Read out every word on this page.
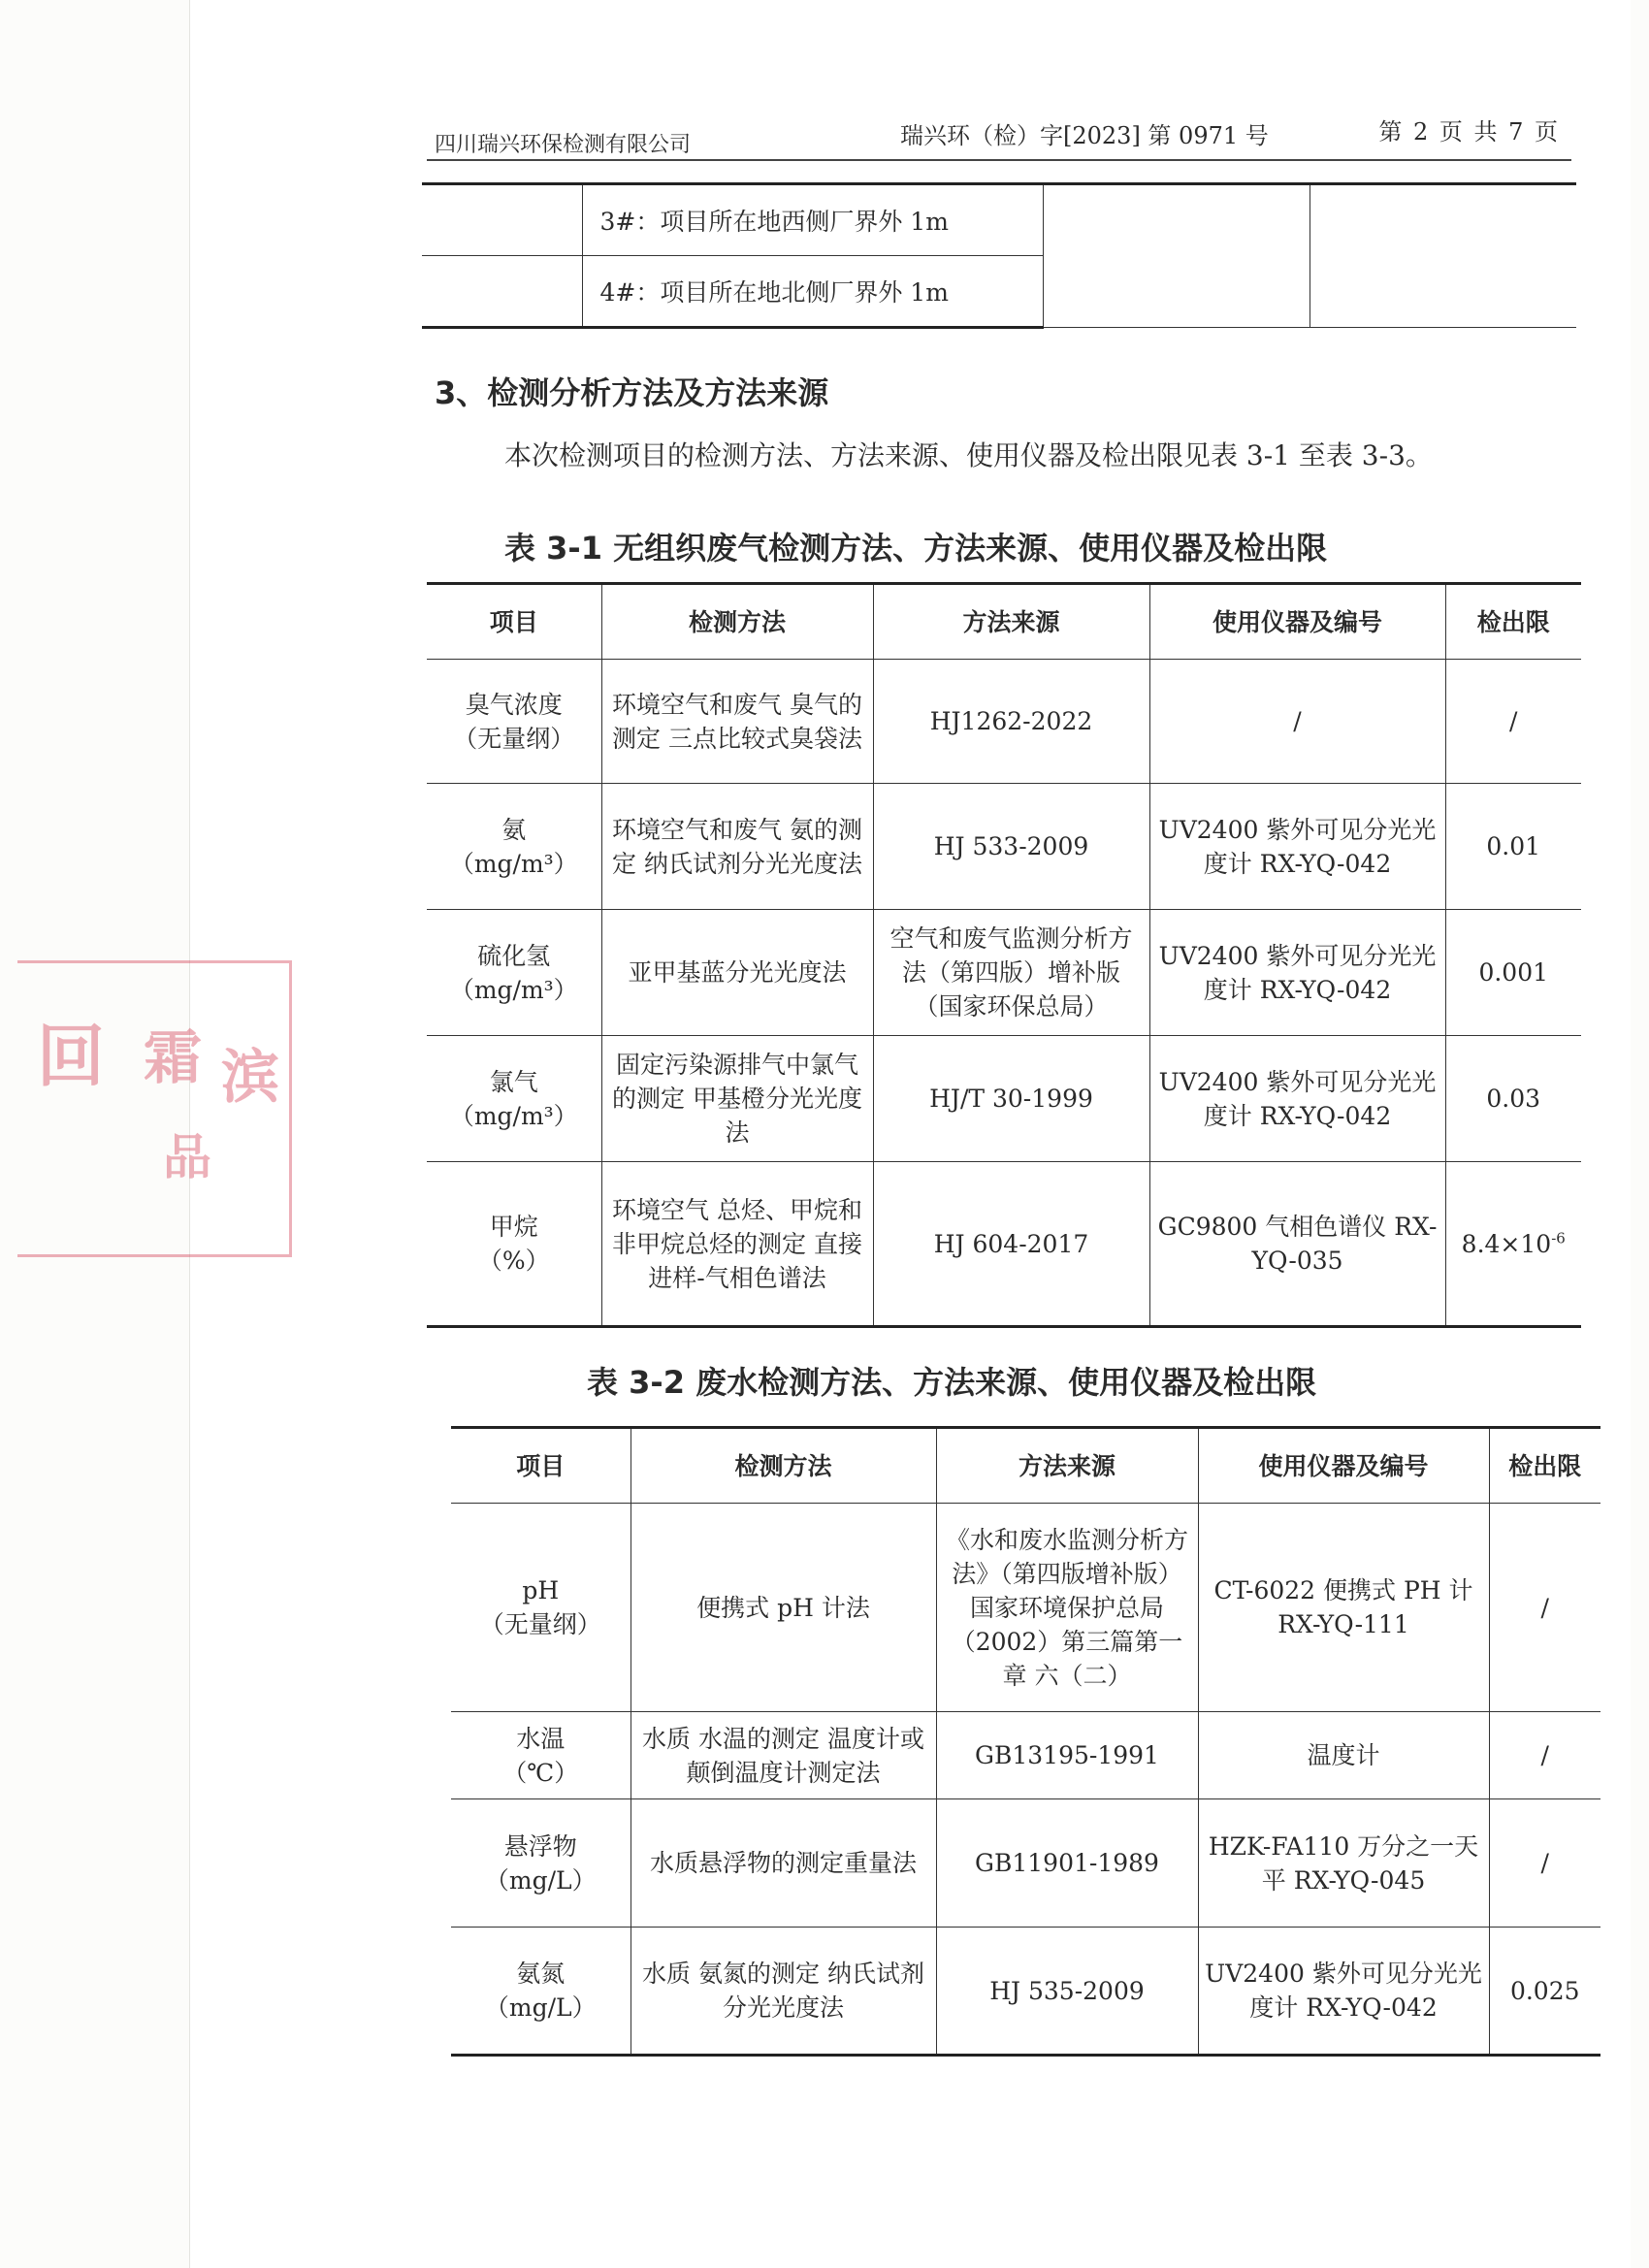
回 霜 滨
品
四川瑞兴环保检测有限公司	瑞兴环（检）字[2023] 第 0971 号	第 2 页 共 7 页
	3#：项目所在地西侧厂界外 1m		
	4#：项目所在地北侧厂界外 1m		
3、检测分析方法及方法来源
本次检测项目的检测方法、方法来源、使用仪器及检出限见表 3-1 至表 3-3。
表 3-1 无组织废气检测方法、方法来源、使用仪器及检出限
项目	检测方法	方法来源	使用仪器及编号	检出限

臭气浓度
（无量纲）	环境空气和废气 臭气的测定 三点比较式臭袋法	HJ1262-2022	/	/

氨
（mg/m³）	环境空气和废气 氨的测定 纳氏试剂分光光度法	HJ 533-2009	UV2400 紫外可见分光光度计 RX-YQ-042	0.01

硫化氢
（mg/m³）	亚甲基蓝分光光度法	空气和废气监测分析方法（第四版）增补版（国家环保总局）	UV2400 紫外可见分光光度计 RX-YQ-042	0.001

氯气
（mg/m³）	固定污染源排气中氯气的测定 甲基橙分光光度法	HJ/T 30-1999	UV2400 紫外可见分光光度计 RX-YQ-042	0.03

甲烷
（%）	环境空气 总烃、甲烷和非甲烷总烃的测定 直接进样-气相色谱法	HJ 604-2017	GC9800 气相色谱仪 RX-YQ-035	$8.4\times 10^{-6}$
表 3-2 废水检测方法、方法来源、使用仪器及检出限
项目	检测方法	方法来源	使用仪器及编号	检出限

pH
（无量纲）	便携式 pH 计法	《水和废水监测分析方法》（第四版增补版）国家环境保护总局（2002）第三篇第一章 六（二）	CT-6022 便携式 PH 计 RX-YQ-111	/

水温
（℃）	水质 水温的测定 温度计或颠倒温度计测定法	GB13195-1991	温度计	/

悬浮物
（mg/L）	水质悬浮物的测定重量法	GB11901-1989	HZK-FA110 万分之一天平 RX-YQ-045	/

氨氮
（mg/L）	水质 氨氮的测定 纳氏试剂分光光度法	HJ 535-2009	UV2400 紫外可见分光光度计 RX-YQ-042	0.025
